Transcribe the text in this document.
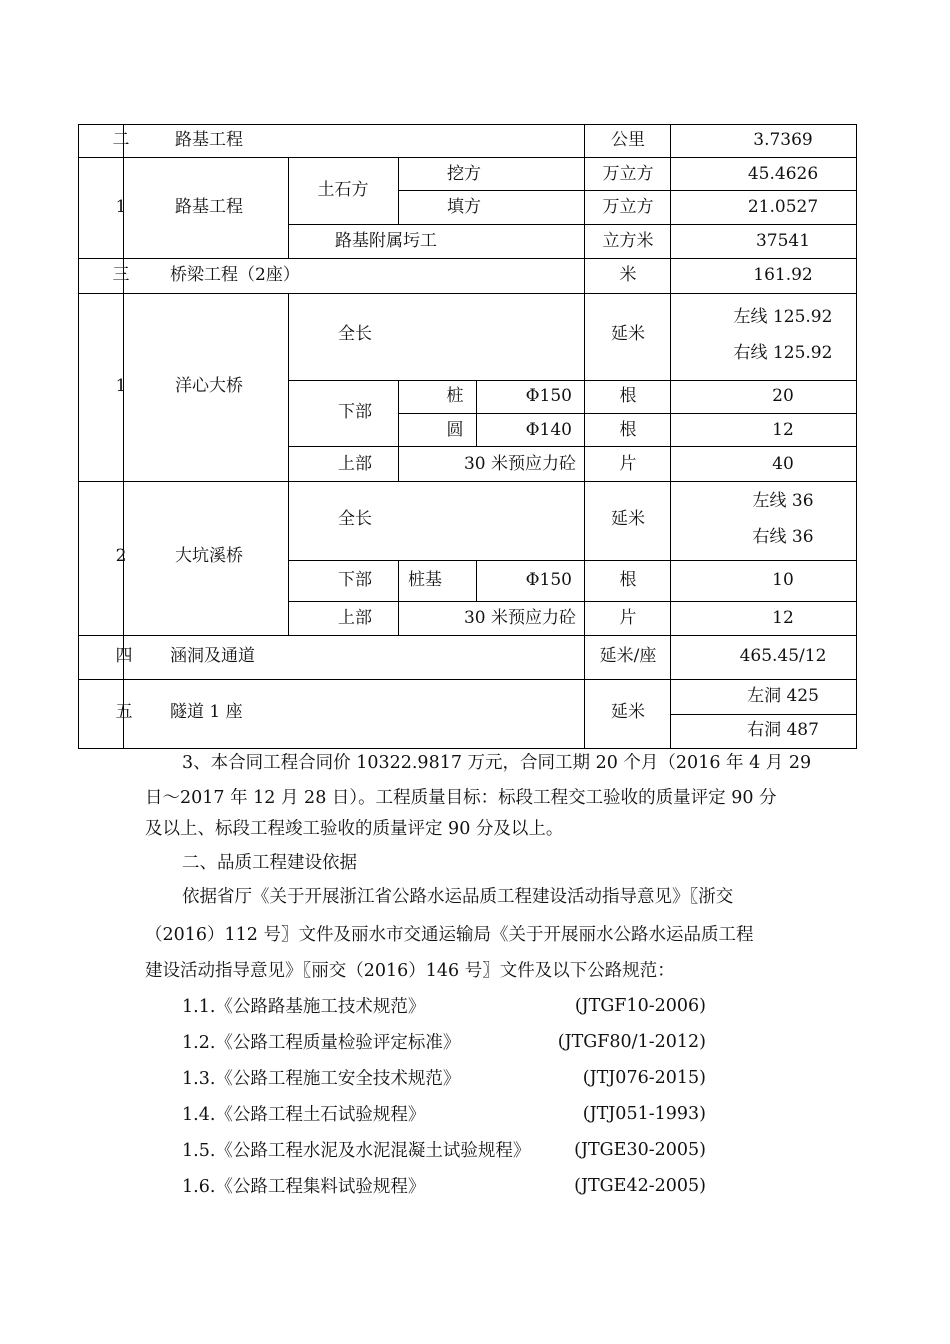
二	路基工程	公里	3.7369
1	路基工程
土石方
挖方	万立方	45.4626
填方	万立方	21.0527
路基附属圬工	立方米	37541
三 桥梁工程（2座）	米	161.92
1	洋心大桥
全长	延米
左线 125.92
右线 125.92
下部
桩	Φ150	根	20
圆	Φ140	根	12
上部	30 米预应力砼	片	40
2	大坑溪桥
全长	延米
左线 36
右线 36
下部 桩基	Φ150	根	10
上部	30 米预应力砼	片	12
四 涵洞及通道	延米/座	465.45/12
五 隧道 1 座	延米
左洞 425
右洞 487
3、本合同工程合同价 10322.9817 万元，合同工期 20 个月（2016 年 4 月 29
日～2017 年 12 月 28 日）。工程质量目标：标段工程交工验收的质量评定 90 分
及以上、标段工程竣工验收的质量评定 90 分及以上。
二、品质工程建设依据
依据省厅《关于开展浙江省公路水运品质工程建设活动指导意见》〖浙交
（2016）112 号〗文件及丽水市交通运输局《关于开展丽水公路水运品质工程
建设活动指导意见》〖丽交（2016）146 号〗文件及以下公路规范：
1.1.《公路路基施工技术规范》	(JTGF10-2006)
1.2.《公路工程质量检验评定标准》	(JTGF80/1-2012)
1.3.《公路工程施工安全技术规范》	(JTJ076-2015)
1.4.《公路工程土石试验规程》	(JTJ051-1993)
1.5.《公路工程水泥及水泥混凝土试验规程》	(JTGE30-2005)
1.6.《公路工程集料试验规程》	(JTGE42-2005)
